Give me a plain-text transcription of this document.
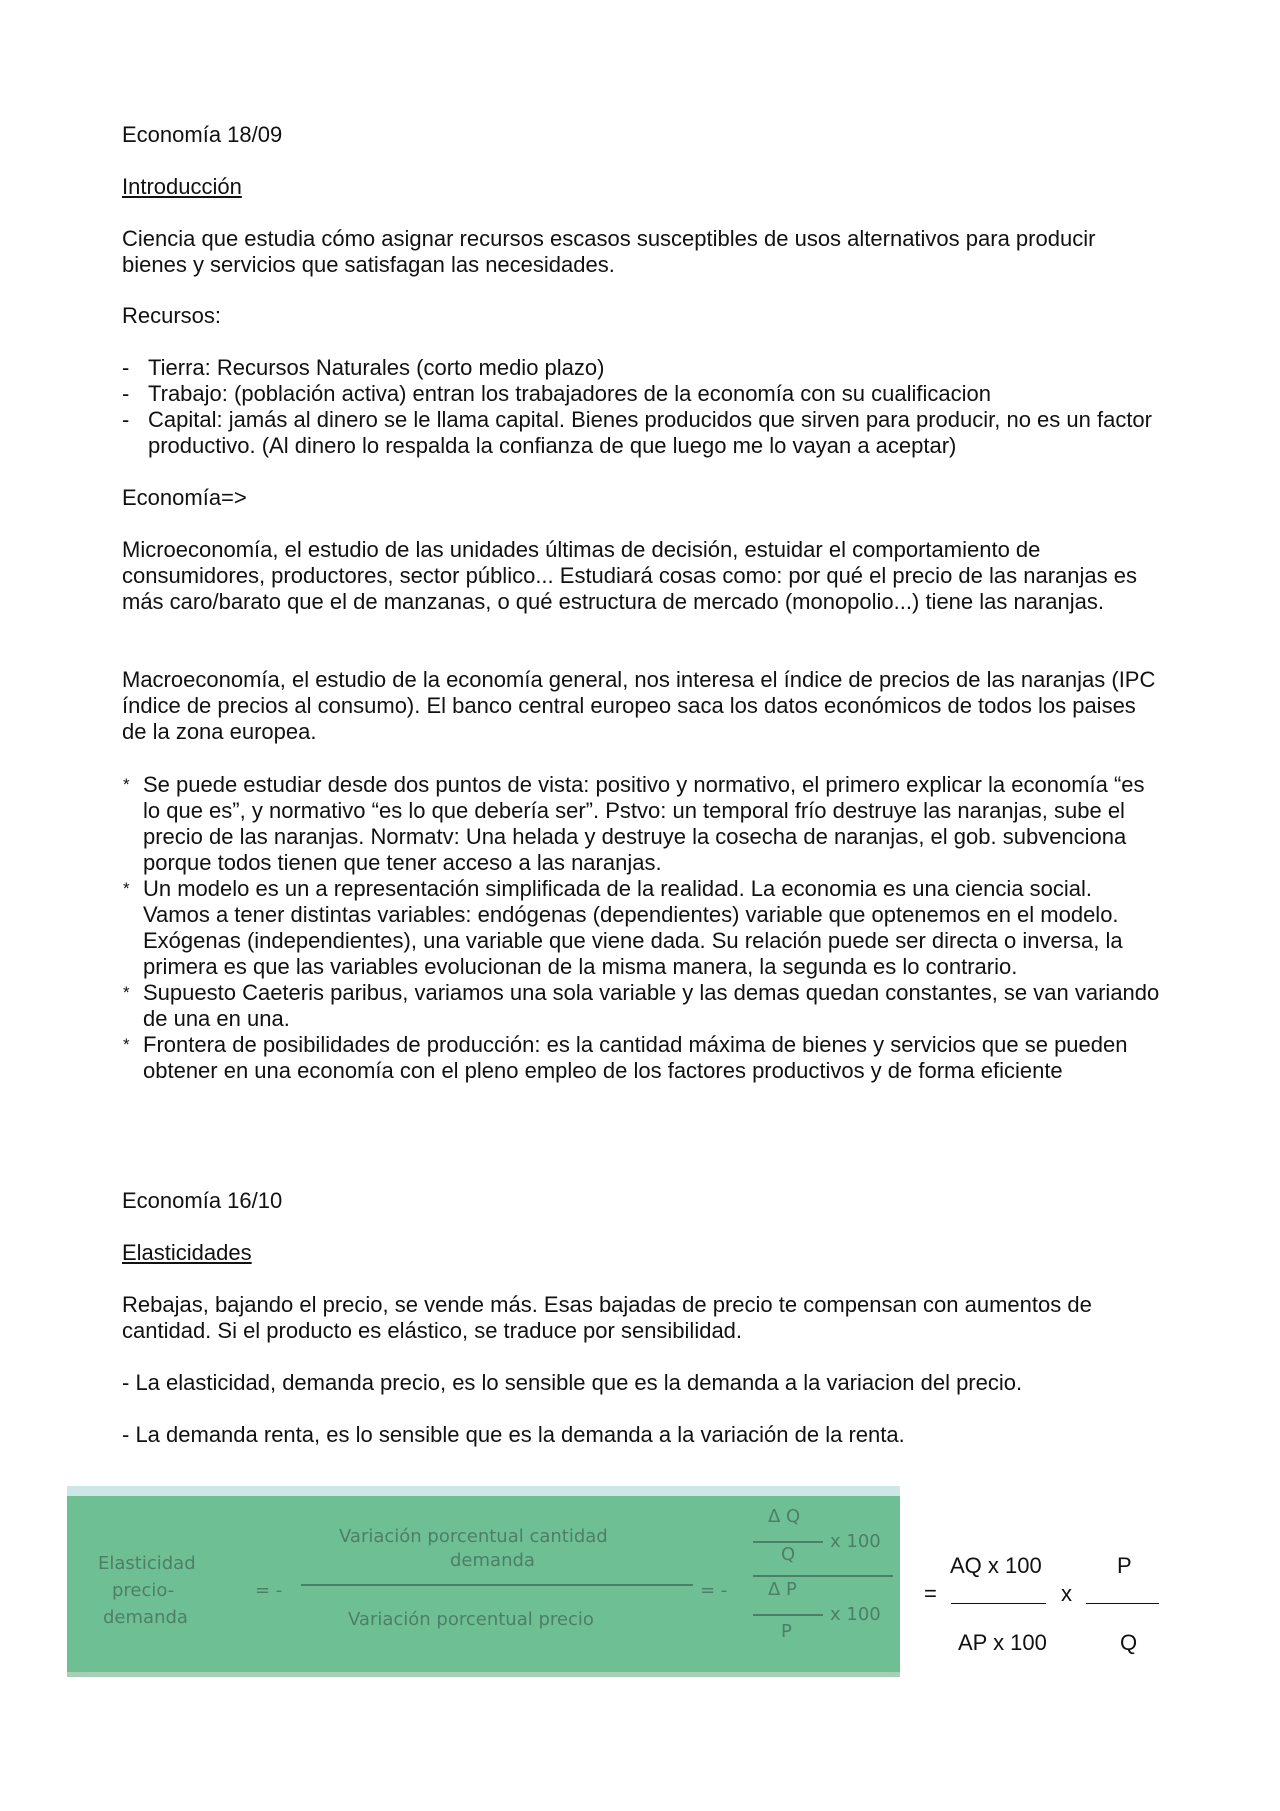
Economía 18/09

Introducción

Ciencia que estudia cómo asignar recursos escasos susceptibles de usos alternativos para producir bienes y servicios que satisfagan las necesidades.

Recursos:

- Tierra: Recursos Naturales (corto medio plazo)
- Trabajo: (población activa) entran los trabajadores de la economía con su cualificacion
- Capital: jamás al dinero se le llama capital. Bienes producidos que sirven para producir, no es un factor productivo. (Al dinero lo respalda la confianza de que luego me lo vayan a aceptar)

Economía=>

Microeconomía, el estudio de las unidades últimas de decisión, estuidar el comportamiento de consumidores, productores, sector público... Estudiará cosas como: por qué el precio de las naranjas es más caro/barato que el de manzanas, o qué estructura de mercado (monopolio...) tiene las naranjas.

Macroeconomía, el estudio de la economía general, nos interesa el índice de precios de las naranjas (IPC índice de precios al consumo). El banco central europeo saca los datos económicos de todos los paises de la zona europea.

* Se puede estudiar desde dos puntos de vista: positivo y normativo, el primero explicar la economía “es lo que es”, y normativo “es lo que debería ser”. Pstvo: un temporal frío destruye las naranjas, sube el precio de las naranjas. Normatv: Una helada y destruye la cosecha de naranjas, el gob. subvenciona porque todos tienen que tener acceso a las naranjas.
* Un modelo es un a representación simplificada de la realidad. La economia es una ciencia social. Vamos a tener distintas variables: endógenas (dependientes) variable que optenemos en el modelo. Exógenas (independientes), una variable que viene dada. Su relación puede ser directa o inversa, la primera es que las variables evolucionan de la misma manera, la segunda es lo contrario.
* Supuesto Caeteris paribus, variamos una sola variable y las demas quedan constantes, se van variando de una en una.
* Frontera de posibilidades de producción: es la cantidad máxima de bienes y servicios que se pueden obtener en una economía con el pleno empleo de los factores productivos y de forma eficiente

Economía 16/10

Elasticidades

Rebajas, bajando el precio, se vende más. Esas bajadas de precio te compensan con aumentos de cantidad. Si el producto es elástico, se traduce por sensibilidad.

- La elasticidad, demanda precio, es lo sensible que es la demanda a la variacion del precio.

- La demanda renta, es lo sensible que es la demanda a la variación de la renta.

Elasticidad
precio-
demanda
= -
Variación porcentual cantidad
demanda
Variación porcentual precio
= -
Δ Q
Q
x 100
Δ P
P
x 100
AQ x 100	P
=	x
AP x 100	Q
